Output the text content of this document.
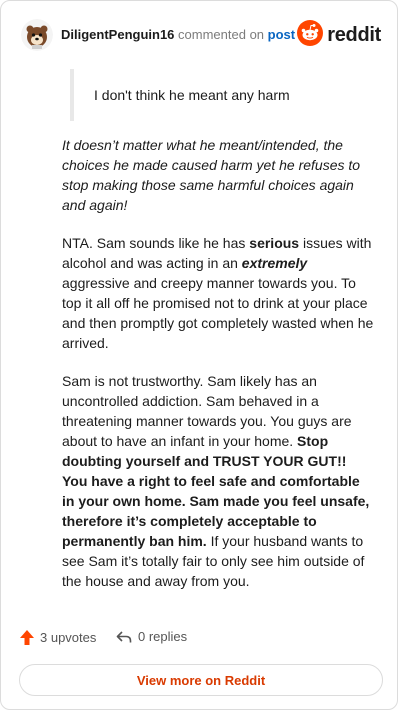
DiligentPenguin16 commented on post reddit
I don't think he meant any harm

It doesn’t matter what he meant/intended, the choices he made caused harm yet he refuses to stop making those same harmful choices again and again!

NTA. Sam sounds like he has serious issues with alcohol and was acting in an extremely aggressive and creepy manner towards you. To top it all off he promised not to drink at your place and then promptly got completely wasted when he arrived.

Sam is not trustworthy. Sam likely has an uncontrolled addiction. Sam behaved in a threatening manner towards you. You guys are about to have an infant in your home. Stop doubting yourself and TRUST YOUR GUT!! You have a right to feel safe and comfortable in your own home. Sam made you feel unsafe, therefore it’s completely acceptable to permanently ban him. If your husband wants to see Sam it’s totally fair to only see him outside of the house and away from you.

3 upvotes	0 replies
View more on Reddit
